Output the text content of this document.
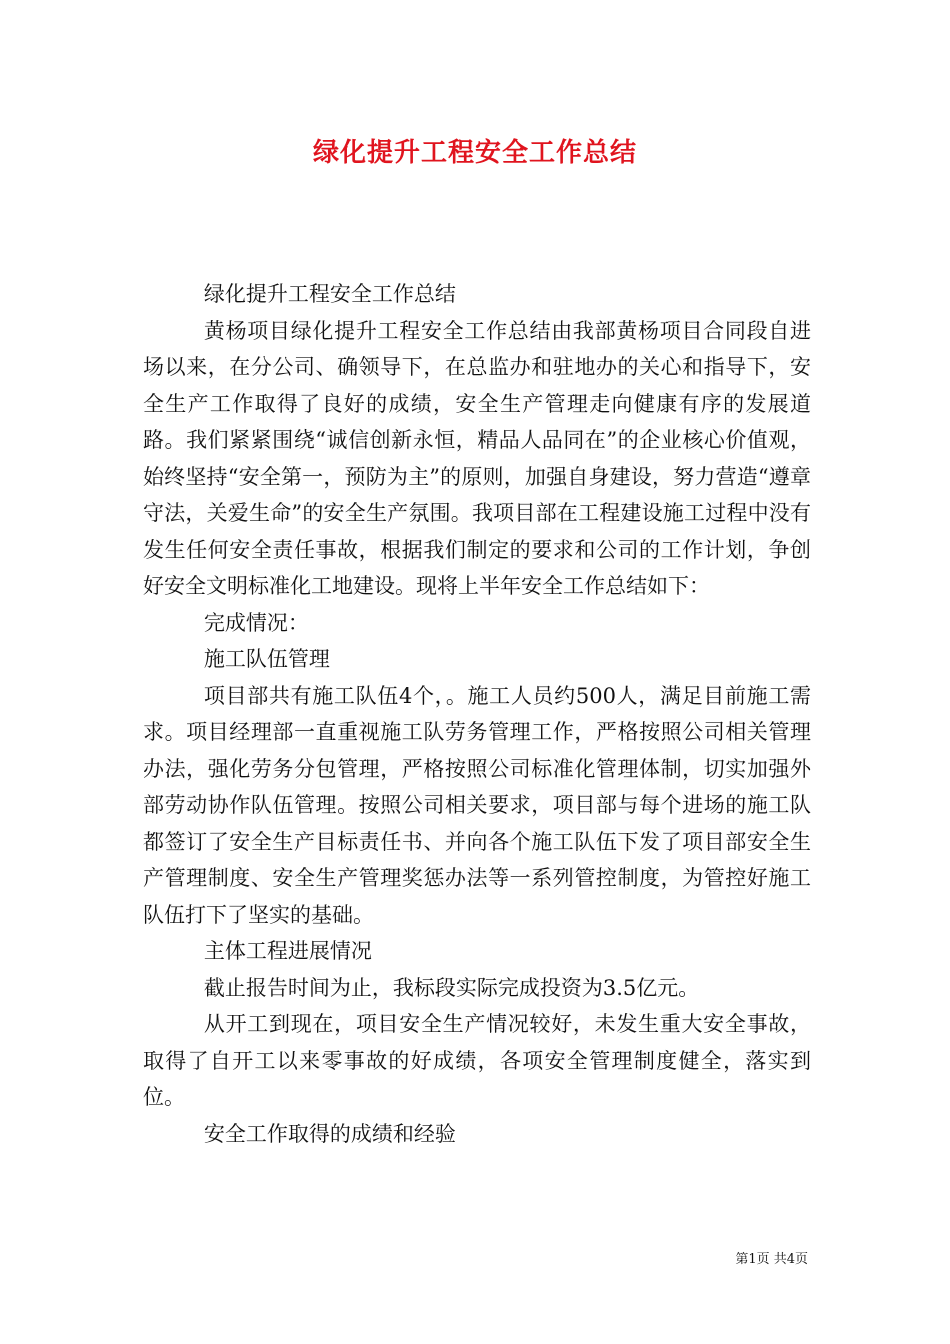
绿化提升工程安全工作总结

绿化提升工程安全工作总结

黄杨项目绿化提升工程安全工作总结由我部黄杨项目合同段自进场以来，在分公司、确领导下，在总监办和驻地办的关心和指导下，安全生产工作取得了良好的成绩，安全生产管理走向健康有序的发展道路。我们紧紧围绕“诚信创新永恒，精品人品同在”的企业核心价值观，始终坚持“安全第一，预防为主”的原则，加强自身建设，努力营造“遵章守法，关爱生命”的安全生产氛围。我项目部在工程建设施工过程中没有发生任何安全责任事故，根据我们制定的要求和公司的工作计划，争创好安全文明标准化工地建设。现将上半年安全工作总结如下：

完成情况：

施工队伍管理

项目部共有施工队伍4个，。施工人员约500人，满足目前施工需求。项目经理部一直重视施工队劳务管理工作，严格按照公司相关管理办法，强化劳务分包管理，严格按照公司标准化管理体制，切实加强外部劳动协作队伍管理。按照公司相关要求，项目部与每个进场的施工队都签订了安全生产目标责任书、并向各个施工队伍下发了项目部安全生产管理制度、安全生产管理奖惩办法等一系列管控制度，为管控好施工队伍打下了坚实的基础。

主体工程进展情况

截止报告时间为止，我标段实际完成投资为3.5亿元。

从开工到现在，项目安全生产情况较好，未发生重大安全事故，取得了自开工以来零事故的好成绩，各项安全管理制度健全，落实到位。

安全工作取得的成绩和经验

第1页 共4页
